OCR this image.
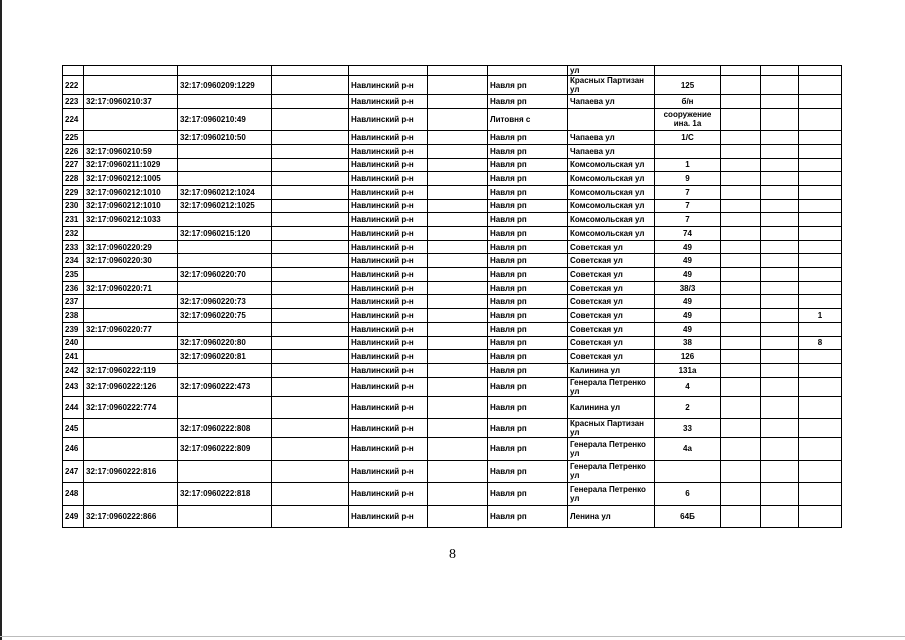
							ул				
222		32:17:0960209:1229		Навлинский р-н		Навля рп	Красных Партизан ул	125			
223	32:17:0960210:37			Навлинский р-н		Навля рп	Чапаева ул	б/н			
224		32:17:0960210:49		Навлинский р-н		Литовня с		сооружение ина. 1а			
225		32:17:0960210:50		Навлинский р-н		Навля рп	Чапаева ул	1/С			
226	32:17:0960210:59			Навлинский р-н		Навля рп	Чапаева ул				
227	32:17:0960211:1029			Навлинский р-н		Навля рп	Комсомольская ул	1			
228	32:17:0960212:1005			Навлинский р-н		Навля рп	Комсомольская ул	9			
229	32:17:0960212:1010	32:17:0960212:1024		Навлинский р-н		Навля рп	Комсомольская ул	7			
230	32:17:0960212:1010	32:17:0960212:1025		Навлинский р-н		Навля рп	Комсомольская ул	7			
231	32:17:0960212:1033			Навлинский р-н		Навля рп	Комсомольская ул	7			
232		32:17:0960215:120		Навлинский р-н		Навля рп	Комсомольская ул	74			
233	32:17:0960220:29			Навлинский р-н		Навля рп	Советская ул	49			
234	32:17:0960220:30			Навлинский р-н		Навля рп	Советская ул	49			
235		32:17:0960220:70		Навлинский р-н		Навля рп	Советская ул	49			
236	32:17:0960220:71			Навлинский р-н		Навля рп	Советская ул	38/3			
237		32:17:0960220:73		Навлинский р-н		Навля рп	Советская ул	49			
238		32:17:0960220:75		Навлинский р-н		Навля рп	Советская ул	49			1
239	32:17:0960220:77			Навлинский р-н		Навля рп	Советская ул	49			
240		32:17:0960220:80		Навлинский р-н		Навля рп	Советская ул	38			8
241		32:17:0960220:81		Навлинский р-н		Навля рп	Советская ул	126			
242	32:17:0960222:119			Навлинский р-н		Навля рп	Калинина ул	131а			
243	32:17:0960222:126	32:17:0960222:473		Навлинский р-н		Навля рп	Генерала Петренко ул	4			
244	32:17:0960222:774			Навлинский р-н		Навля рп	Калинина ул	2			
245		32:17:0960222:808		Навлинский р-н		Навля рп	Красных Партизан ул	33			
246		32:17:0960222:809		Навлинский р-н		Навля рп	Генерала Петренко ул	4а			
247	32:17:0960222:816			Навлинский р-н		Навля рп	Генерала Петренко ул				
248		32:17:0960222:818		Навлинский р-н		Навля рп	Генерала Петренко ул	6			
249	32:17:0960222:866			Навлинский р-н		Навля рп	Ленина ул	64Б			
8
